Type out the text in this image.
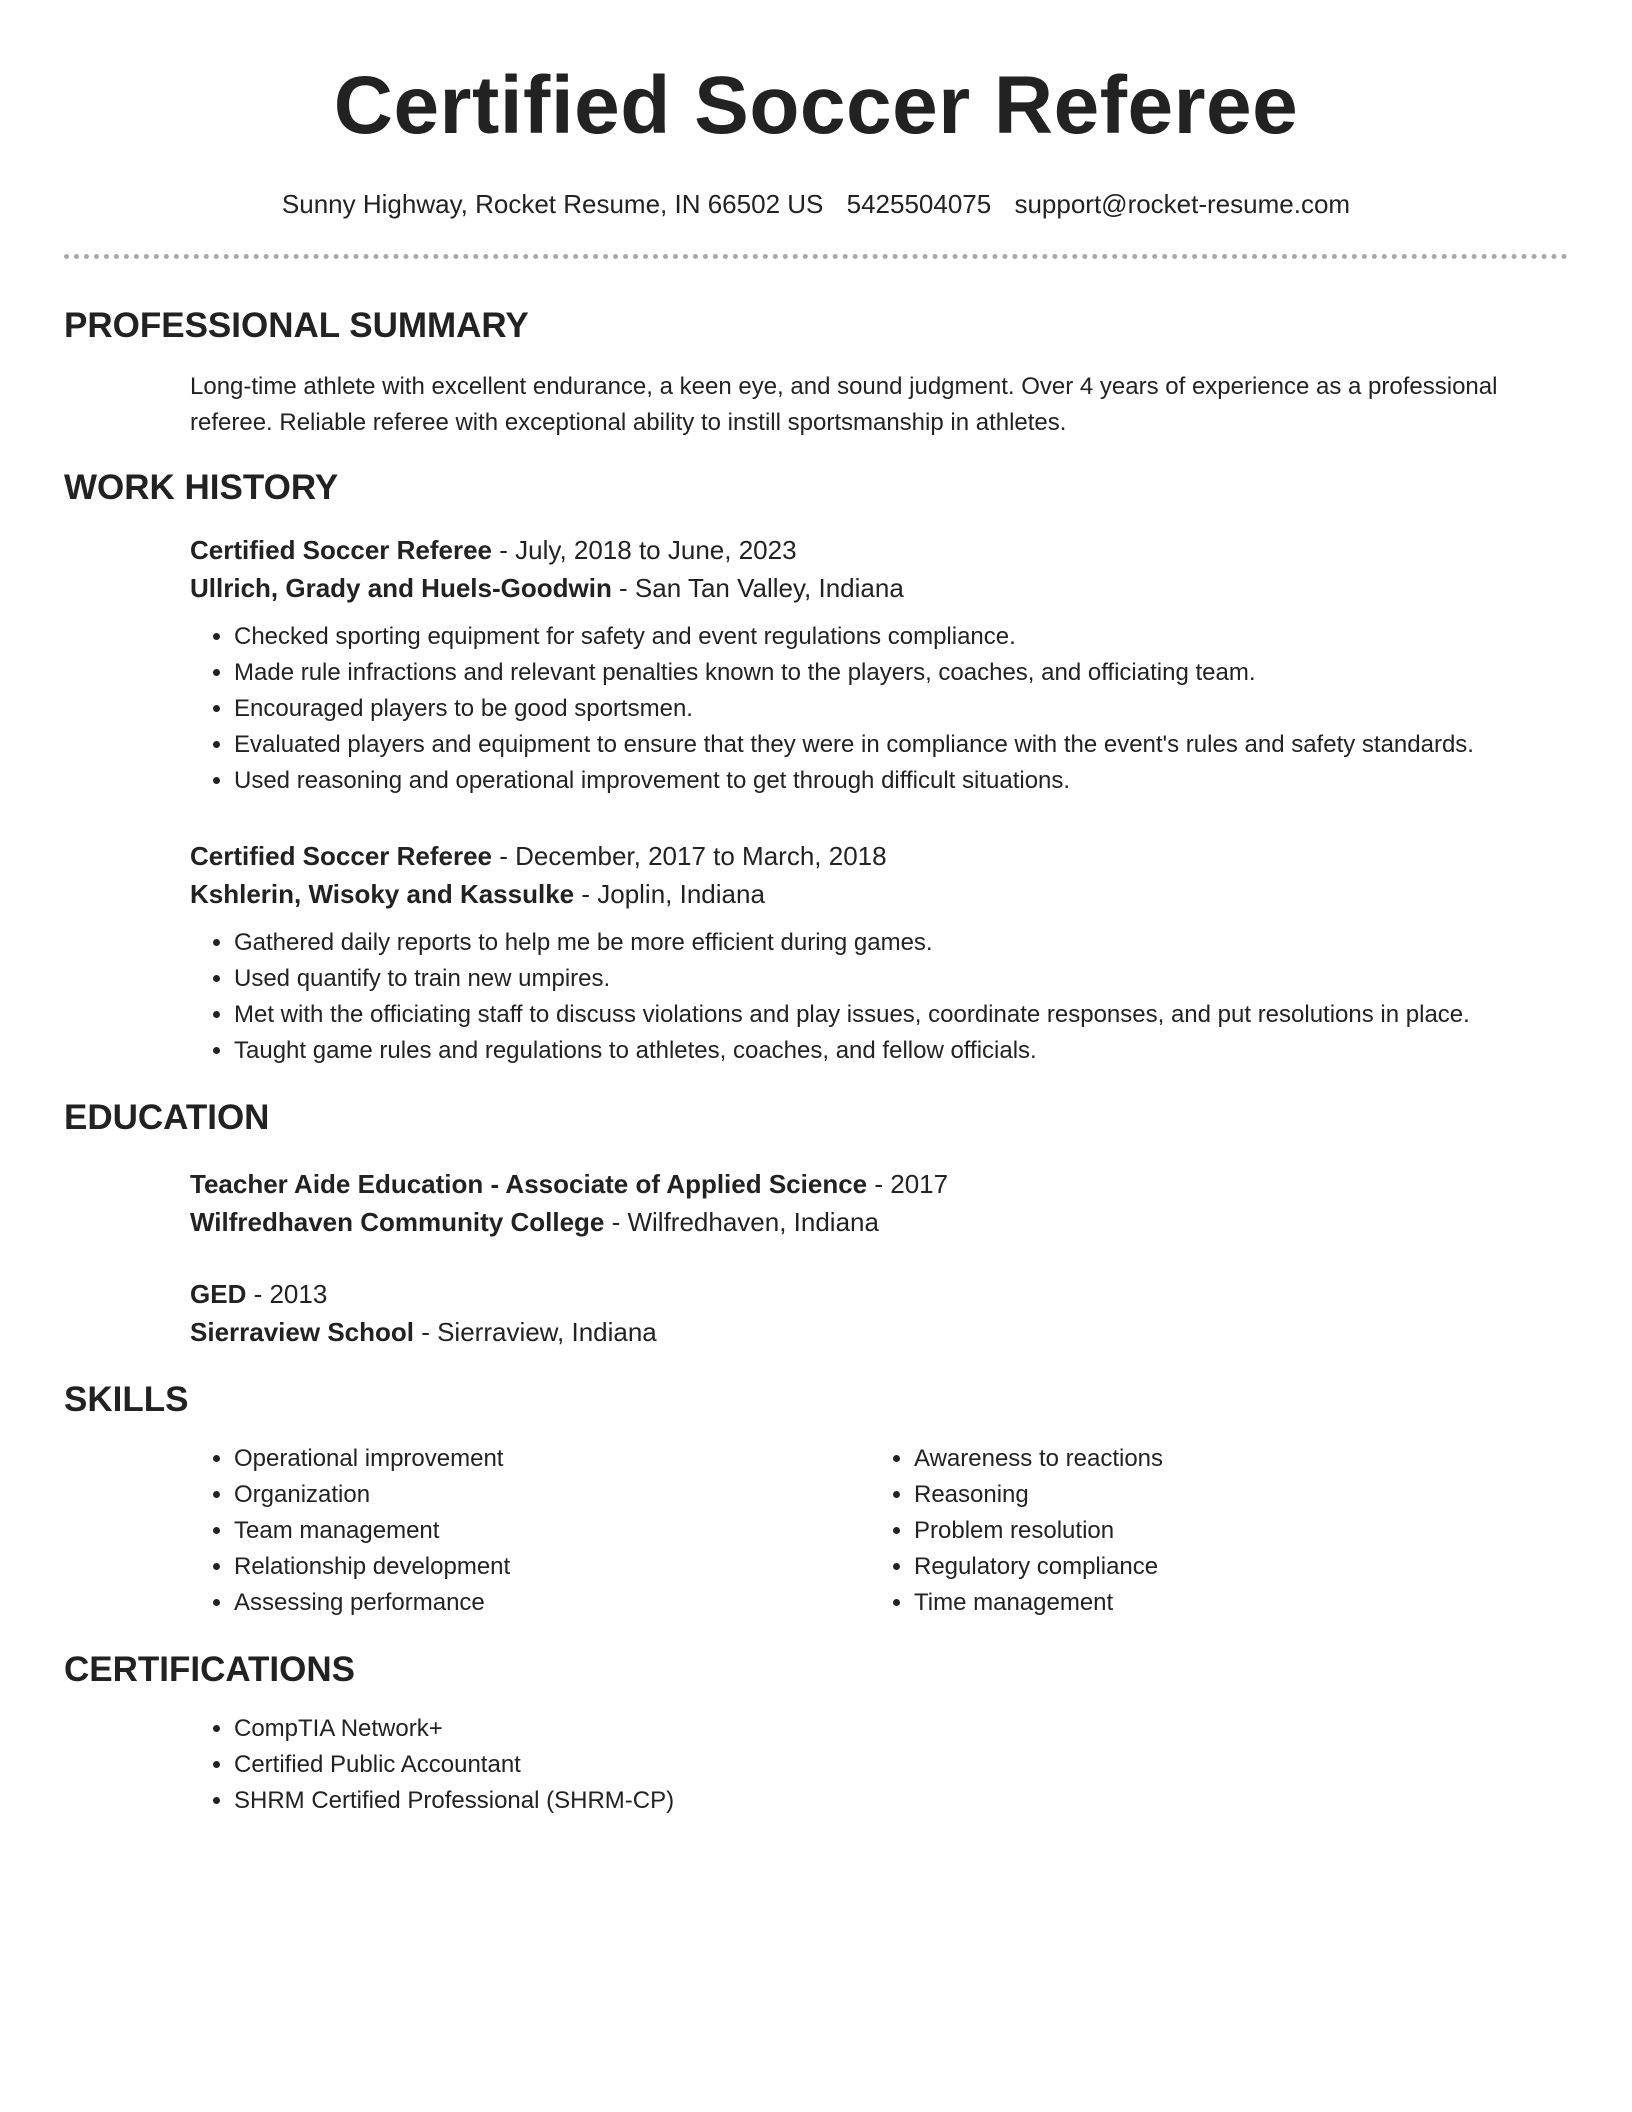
Certified Soccer Referee
Sunny Highway, Rocket Resume, IN 66502 US 5425504075 support@rocket-resume.com
PROFESSIONAL SUMMARY
Long-time athlete with excellent endurance, a keen eye, and sound judgment. Over 4 years of experience as a professional referee. Reliable referee with exceptional ability to instill sportsmanship in athletes.
WORK HISTORY
Certified Soccer Referee - July, 2018 to June, 2023
Ullrich, Grady and Huels-Goodwin - San Tan Valley, Indiana
• Checked sporting equipment for safety and event regulations compliance.
• Made rule infractions and relevant penalties known to the players, coaches, and officiating team.
• Encouraged players to be good sportsmen.
• Evaluated players and equipment to ensure that they were in compliance with the event's rules and safety standards.
• Used reasoning and operational improvement to get through difficult situations.
Certified Soccer Referee - December, 2017 to March, 2018
Kshlerin, Wisoky and Kassulke - Joplin, Indiana
• Gathered daily reports to help me be more efficient during games.
• Used quantify to train new umpires.
• Met with the officiating staff to discuss violations and play issues, coordinate responses, and put resolutions in place.
• Taught game rules and regulations to athletes, coaches, and fellow officials.
EDUCATION
Teacher Aide Education - Associate of Applied Science - 2017
Wilfredhaven Community College - Wilfredhaven, Indiana
GED - 2013
Sierraview School - Sierraview, Indiana
SKILLS
• Operational improvement
• Organization
• Team management
• Relationship development
• Assessing performance
• Awareness to reactions
• Reasoning
• Problem resolution
• Regulatory compliance
• Time management
CERTIFICATIONS
• CompTIA Network+
• Certified Public Accountant
• SHRM Certified Professional (SHRM-CP)
